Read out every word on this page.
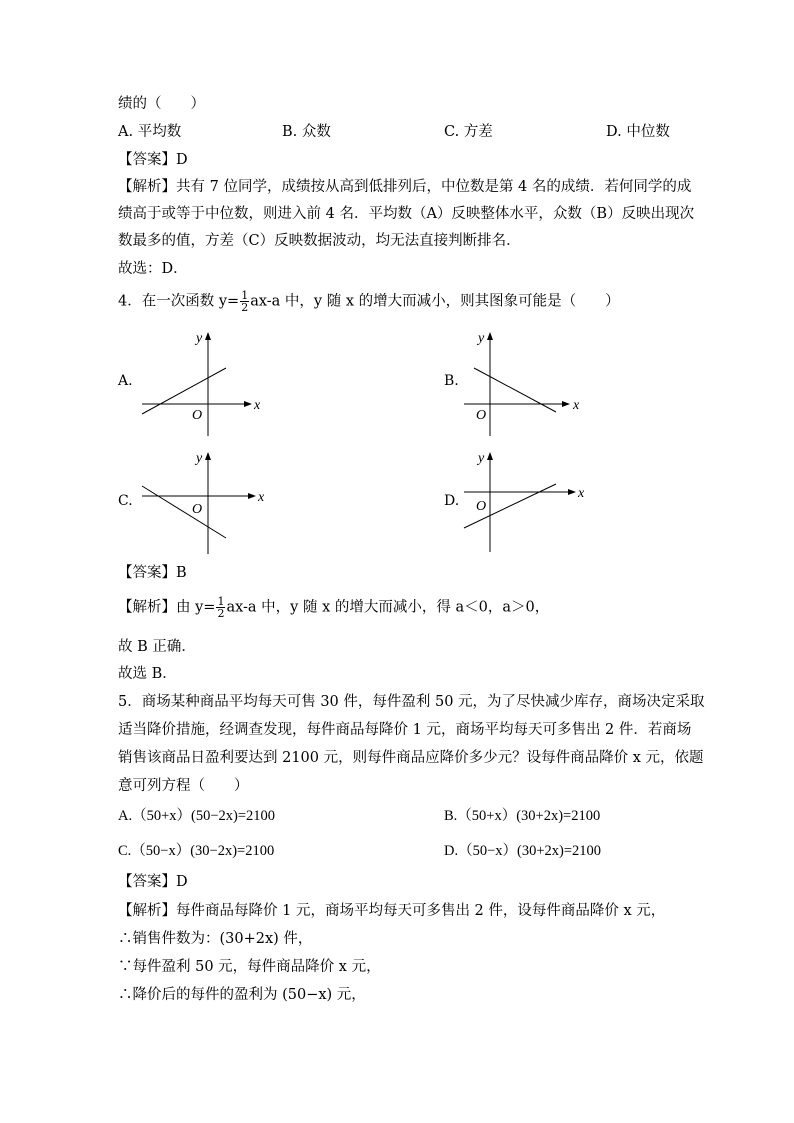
绩的（　　）
A. 平均数	B. 众数	C. 方差	D. 中位数
【答案】D
【解析】共有 7 位同学，成绩按从高到低排列后，中位数是第 4 名的成绩．若何同学的成
绩高于或等于中位数，则进入前 4 名．平均数（A）反映整体水平，众数（B）反映出现次
数最多的值，方差（C）反映数据波动，均无法直接判断排名．
故选：D．
4．在一次函数 $y= \frac{1}{2} ax-a$ 中，y 随 x 的增大而减小，则其图象可能是（　　）
A.
x
y
O
B.
x
y
O
C.	x
y
O
D.	x
y
O
【答案】B
【解析】由 $y= \frac{1}{2} ax-a$ 中，y 随 x 的增大而减小，得 a＜0，a＞0，
故 B 正确．
故选 B．
5．商场某种商品平均每天可售 30 件，每件盈利 50 元，为了尽快减少库存，商场决定采取
适当降价措施，经调查发现，每件商品每降价 1 元，商场平均每天可多售出 2 件．若商场
销售该商品日盈利要达到 2100 元，则每件商品应降价多少元？设每件商品降价 x 元，依题
意可列方程（　　）
A.（50+x）(50−2x)=2100	B.（50+x）(30+2x)=2100
C.（50−x）(30−2x)=2100	D.（50−x）(30+2x)=2100
【答案】D
【解析】每件商品每降价 1 元，商场平均每天可多售出 2 件，设每件商品降价 x 元，
∴销售件数为：(30+2x) 件，
∵每件盈利 50 元，每件商品降价 x 元，
∴降价后的每件的盈利为 (50−x) 元，
